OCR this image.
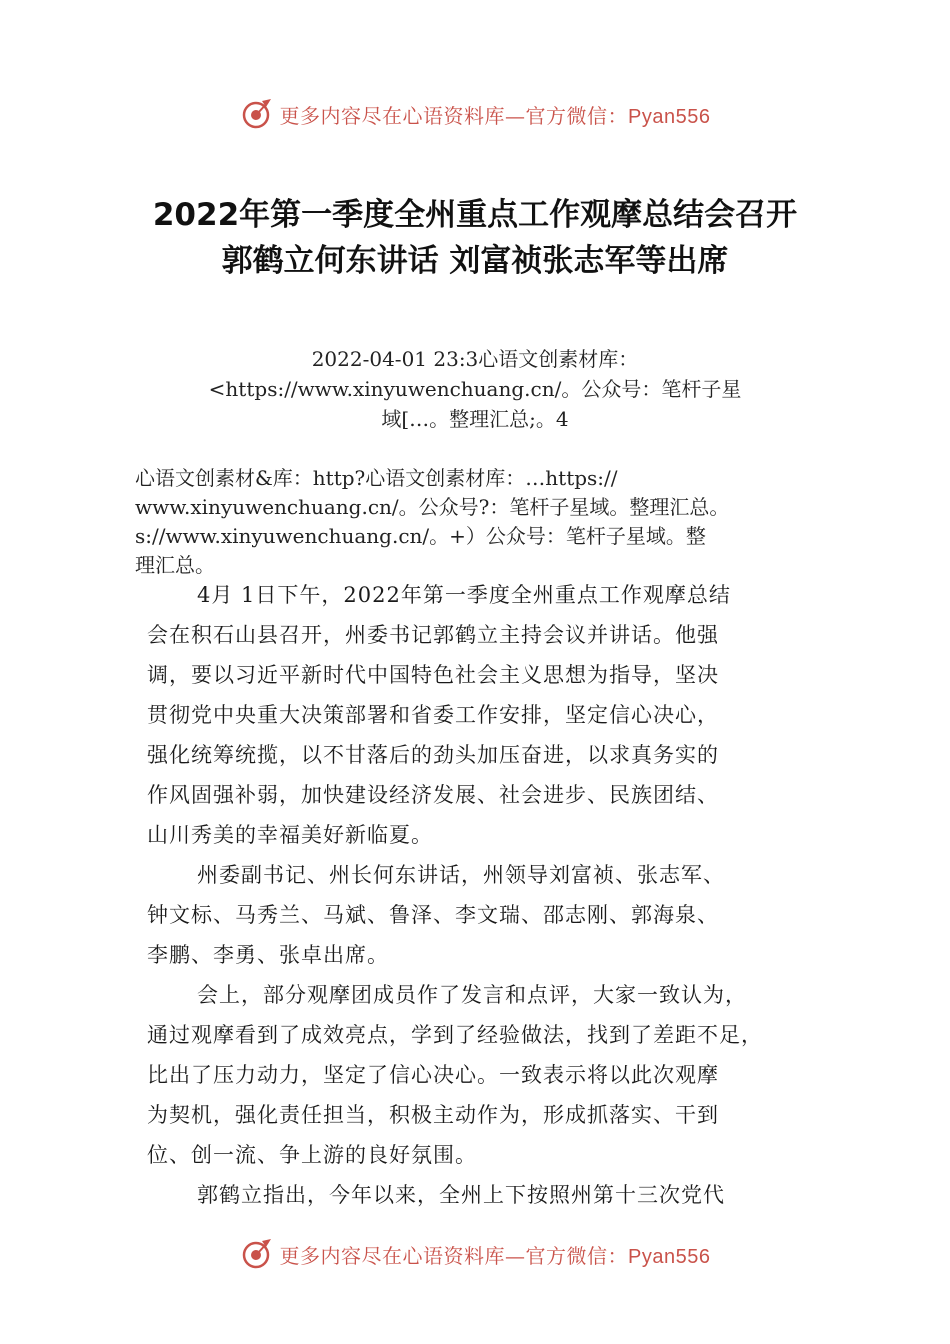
更多内容尽在心语资料库—官方微信：Pyan556
2022年第一季度全州重点工作观摩总结会召开 郭鹤立何东讲话 刘富祯张志军等出席
2022-04-01 23:3心语文创素材库：
<https://www.xinyuwenchuang.cn/。公众号：笔杆子星
域[…。整理汇总;。4
心语文创素材&库：http?心语文创素材库：…https://
www.xinyuwenchuang.cn/。公众号?：笔杆子星域。整理汇总。
s://www.xinyuwenchuang.cn/。+）公众号：笔杆子星域。整
理汇总。
4月 1日下午，2022年第一季度全州重点工作观摩总结
会在积石山县召开，州委书记郭鹤立主持会议并讲话。他强
调，要以习近平新时代中国特色社会主义思想为指导，坚决
贯彻党中央重大决策部署和省委工作安排，坚定信心决心，
强化统筹统揽，以不甘落后的劲头加压奋进，以求真务实的
作风固强补弱，加快建设经济发展、社会进步、民族团结、
山川秀美的幸福美好新临夏。
州委副书记、州长何东讲话，州领导刘富祯、张志军、
钟文标、马秀兰、马斌、鲁泽、李文瑞、邵志刚、郭海泉、
李鹏、李勇、张卓出席。
会上，部分观摩团成员作了发言和点评，大家一致认为，
通过观摩看到了成效亮点，学到了经验做法，找到了差距不足，
比出了压力动力，坚定了信心决心。一致表示将以此次观摩
为契机，强化责任担当，积极主动作为，形成抓落实、干到
位、创一流、争上游的良好氛围。
郭鹤立指出，今年以来，全州上下按照州第十三次党代
更多内容尽在心语资料库—官方微信：Pyan556
